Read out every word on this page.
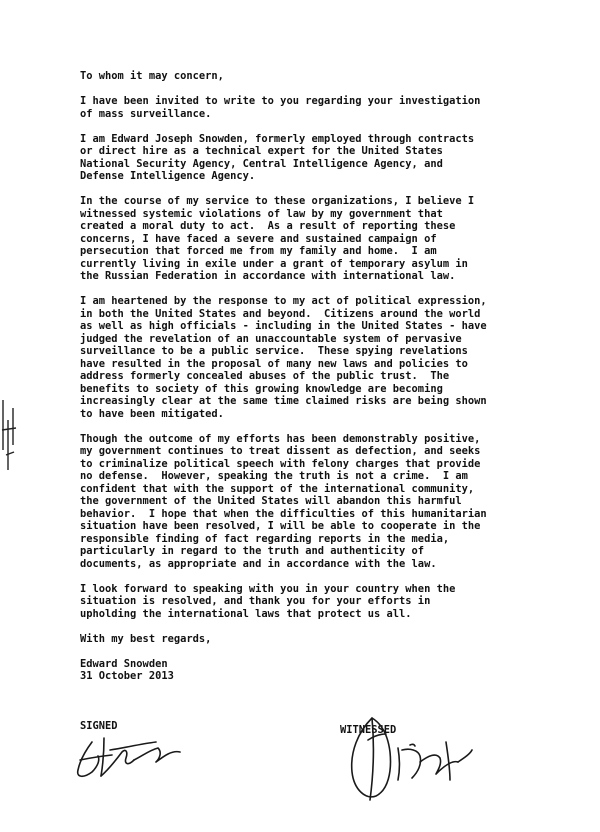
To whom it may concern,
I have been invited to write to you regarding your investigation
of mass surveillance.
I am Edward Joseph Snowden, formerly employed through contracts
or direct hire as a technical expert for the United States
National Security Agency, Central Intelligence Agency, and
Defense Intelligence Agency.
In the course of my service to these organizations, I believe I
witnessed systemic violations of law by my government that
created a moral duty to act.  As a result of reporting these
concerns, I have faced a severe and sustained campaign of
persecution that forced me from my family and home.  I am
currently living in exile under a grant of temporary asylum in
the Russian Federation in accordance with international law.
I am heartened by the response to my act of political expression,
in both the United States and beyond.  Citizens around the world
as well as high officials - including in the United States - have
judged the revelation of an unaccountable system of pervasive
surveillance to be a public service.  These spying revelations
have resulted in the proposal of many new laws and policies to
address formerly concealed abuses of the public trust.  The
benefits to society of this growing knowledge are becoming
increasingly clear at the same time claimed risks are being shown
to have been mitigated.
Though the outcome of my efforts has been demonstrably positive,
my government continues to treat dissent as defection, and seeks
to criminalize political speech with felony charges that provide
no defense.  However, speaking the truth is not a crime.  I am
confident that with the support of the international community,
the government of the United States will abandon this harmful
behavior.  I hope that when the difficulties of this humanitarian
situation have been resolved, I will be able to cooperate in the
responsible finding of fact regarding reports in the media,
particularly in regard to the truth and authenticity of
documents, as appropriate and in accordance with the law.
I look forward to speaking with you in your country when the
situation is resolved, and thank you for your efforts in
upholding the international laws that protect us all.
With my best regards,
Edward Snowden
31 October 2013
SIGNED	WITNESSED
